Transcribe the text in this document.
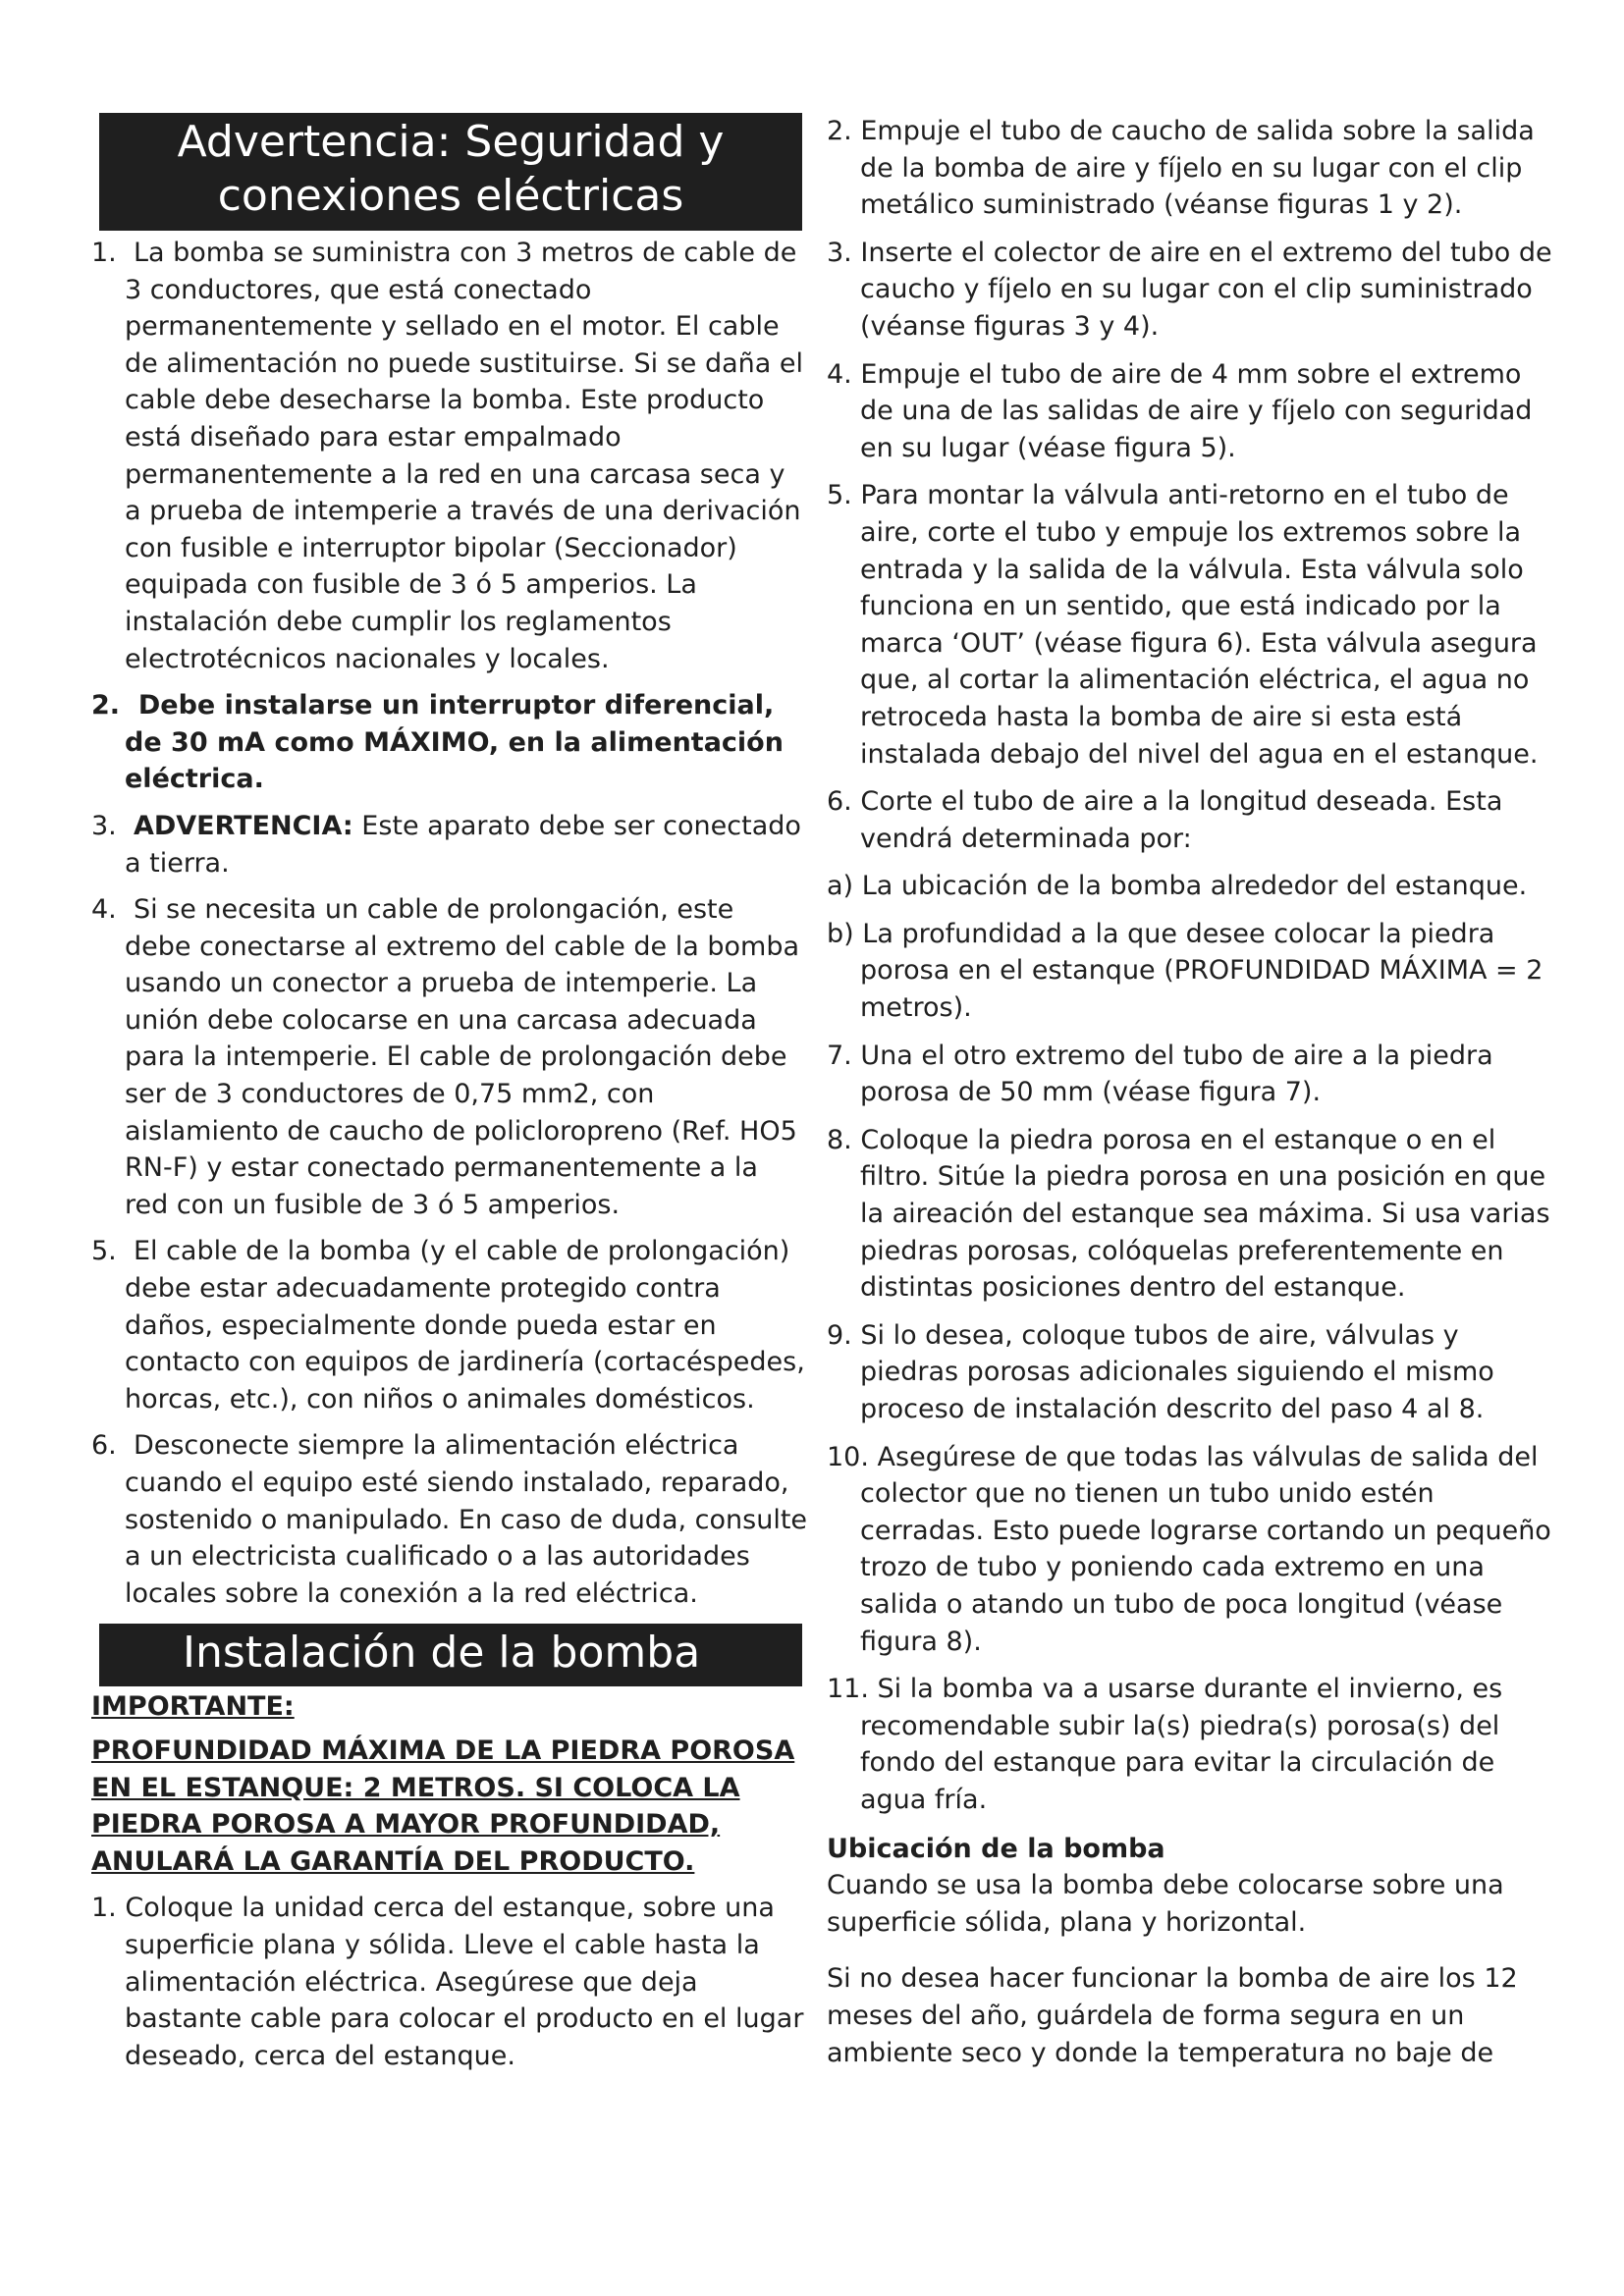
Advertencia: Seguridad y
conexiones eléctricas
1. La bomba se suministra con 3 metros de cable de 3 conductores, que está conectado permanentemente y sellado en el motor. El cable de alimentación no puede sustituirse. Si se daña el cable debe desecharse la bomba. Este producto está diseñado para estar empalmado permanentemente a la red en una carcasa seca y a prueba de intemperie a través de una derivación con fusible e interruptor bipolar (Seccionador) equipada con fusible de 3 ó 5 amperios. La instalación debe cumplir los reglamentos electrotécnicos nacionales y locales.
2. Debe instalarse un interruptor diferencial, de 30 mA como MÁXIMO, en la alimentación eléctrica.
3. ADVERTENCIA: Este aparato debe ser conectado a tierra.
4. Si se necesita un cable de prolongación, este debe conectarse al extremo del cable de la bomba usando un conector a prueba de intemperie. La unión debe colocarse en una carcasa adecuada para la intemperie. El cable de prolongación debe ser de 3 conductores de 0,75 mm2, con aislamiento de caucho de policloropreno (Ref. HO5 RN-F) y estar conectado permanentemente a la red con un fusible de 3 ó 5 amperios.
5. El cable de la bomba (y el cable de prolongación) debe estar adecuadamente protegido contra daños, especialmente donde pueda estar en contacto con equipos de jardinería (cortacéspedes, horcas, etc.), con niños o animales domésticos.
6. Desconecte siempre la alimentación eléctrica cuando el equipo esté siendo instalado, reparado, sostenido o manipulado. En caso de duda, consulte a un electricista cualificado o a las autoridades locales sobre la conexión a la red eléctrica.
Instalación de la bomba

IMPORTANTE:

PROFUNDIDAD MÁXIMA DE LA PIEDRA POROSA EN EL ESTANQUE: 2 METROS. SI COLOCA LA PIEDRA POROSA A MAYOR PROFUNDIDAD, ANULARÁ LA GARANTÍA DEL PRODUCTO.

1. Coloque la unidad cerca del estanque, sobre una superficie plana y sólida. Lleve el cable hasta la alimentación eléctrica. Asegúrese que deja bastante cable para colocar el producto en el lugar deseado, cerca del estanque.
2. Empuje el tubo de caucho de salida sobre la salida de la bomba de aire y fíjelo en su lugar con el clip metálico suministrado (véanse figuras 1 y 2).
3. Inserte el colector de aire en el extremo del tubo de caucho y fíjelo en su lugar con el clip suministrado (véanse figuras 3 y 4).
4. Empuje el tubo de aire de 4 mm sobre el extremo de una de las salidas de aire y fíjelo con seguridad en su lugar (véase figura 5).
5. Para montar la válvula anti-retorno en el tubo de aire, corte el tubo y empuje los extremos sobre la entrada y la salida de la válvula. Esta válvula solo funciona en un sentido, que está indicado por la marca ‘OUT’ (véase figura 6). Esta válvula asegura que, al cortar la alimentación eléctrica, el agua no retroceda hasta la bomba de aire si esta está instalada debajo del nivel del agua en el estanque.
6. Corte el tubo de aire a la longitud deseada. Esta vendrá determinada por:
a) La ubicación de la bomba alrededor del estanque.
b) La profundidad a la que desee colocar la piedra porosa en el estanque (PROFUNDIDAD MÁXIMA = 2 metros).
7. Una el otro extremo del tubo de aire a la piedra porosa de 50 mm (véase figura 7).
8. Coloque la piedra porosa en el estanque o en el filtro. Sitúe la piedra porosa en una posición en que la aireación del estanque sea máxima. Si usa varias piedras porosas, colóquelas preferentemente en distintas posiciones dentro del estanque.
9. Si lo desea, coloque tubos de aire, válvulas y piedras porosas adicionales siguiendo el mismo proceso de instalación descrito del paso 4 al 8.
10. Asegúrese de que todas las válvulas de salida del colector que no tienen un tubo unido estén cerradas. Esto puede lograrse cortando un pequeño trozo de tubo y poniendo cada extremo en una salida o atando un tubo de poca longitud (véase figura 8).
11. Si la bomba va a usarse durante el invierno, es recomendable subir la(s) piedra(s) porosa(s) del fondo del estanque para evitar la circulación de agua fría.

Ubicación de la bomba

Cuando se usa la bomba debe colocarse sobre una superficie sólida, plana y horizontal.

Si no desea hacer funcionar la bomba de aire los 12 meses del año, guárdela de forma segura en un ambiente seco y donde la temperatura no baje de
